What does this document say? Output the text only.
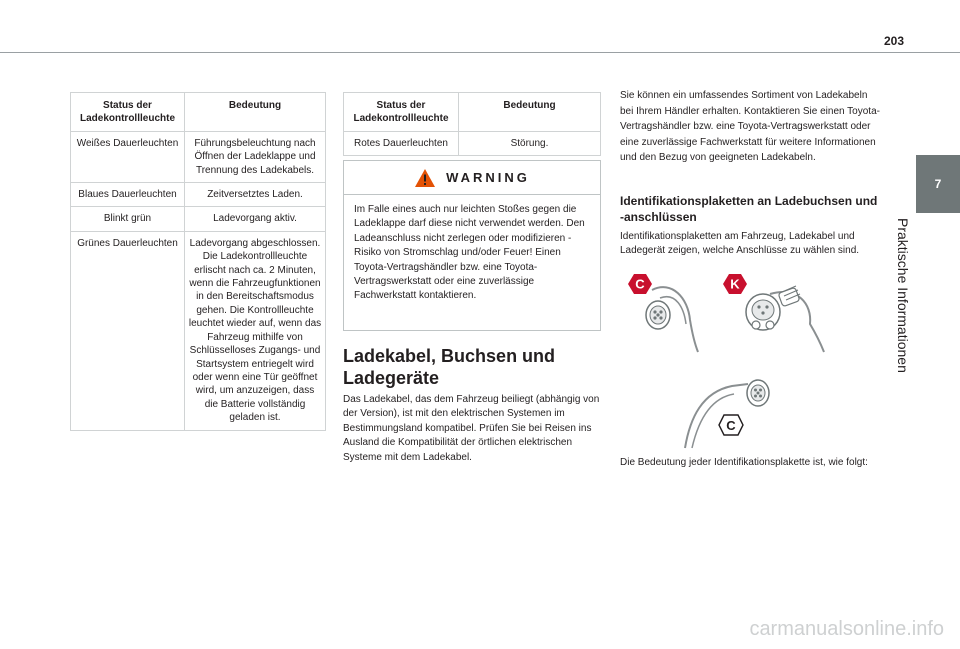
203
7
Praktische Informationen
Status der Ladekontrollleuchte	Bedeutung
Weißes Dauerleuchten	Führungsbeleuchtung nach Öffnen der Ladeklappe und Trennung des Ladekabels.
Blaues Dauerleuchten	Zeitversetztes Laden.
Blinkt grün	Ladevorgang aktiv.
Grünes Dauerleuchten	Ladevorgang abgeschlossen. Die Ladekontrollleuchte erlischt nach ca. 2 Minuten, wenn die Fahrzeugfunktionen in den Bereitschaftsmodus gehen. Die Kontrollleuchte leuchtet wieder auf, wenn das Fahrzeug mithilfe von Schlüsselloses Zugangs- und Startsystem entriegelt wird oder wenn eine Tür geöffnet wird, um anzuzeigen, dass die Batterie vollständig geladen ist.
Status der Ladekontrollleuchte	Bedeutung
Rotes Dauerleuchten	Störung.
WARNING
Im Falle eines auch nur leichten Stoßes gegen die Ladeklappe darf diese nicht verwendet werden. Den Ladeanschluss nicht zerlegen oder modifizieren - Risiko von Stromschlag und/oder Feuer! Einen Toyota-Vertragshändler bzw. eine Toyota-Vertragswerkstatt oder eine zuverlässige Fachwerkstatt kontaktieren.
Ladekabel, Buchsen und Ladegeräte

Das Ladekabel, das dem Fahrzeug beiliegt (abhängig von der Version), ist mit den elektrischen Systemen im Bestimmungsland kompatibel. Prüfen Sie bei Reisen ins Ausland die Kompatibilität der örtlichen elektrischen Systeme mit dem Ladekabel.

Sie können ein umfassendes Sortiment von Ladekabeln bei Ihrem Händler erhalten. Kontaktieren Sie einen Toyota-Vertragshändler bzw. eine Toyota-Vertragswerkstatt oder eine zuverlässige Fachwerkstatt für weitere Informationen und den Bezug von geeigneten Ladekabeln.

Identifikationsplaketten an Ladebuchsen und -anschlüssen

Identifikationsplaketten am Fahrzeug, Ladekabel und Ladegerät zeigen, welche Anschlüsse zu wählen sind.

C	K
C

Die Bedeutung jeder Identifikationsplakette ist, wie folgt:

carmanualsonline.info
